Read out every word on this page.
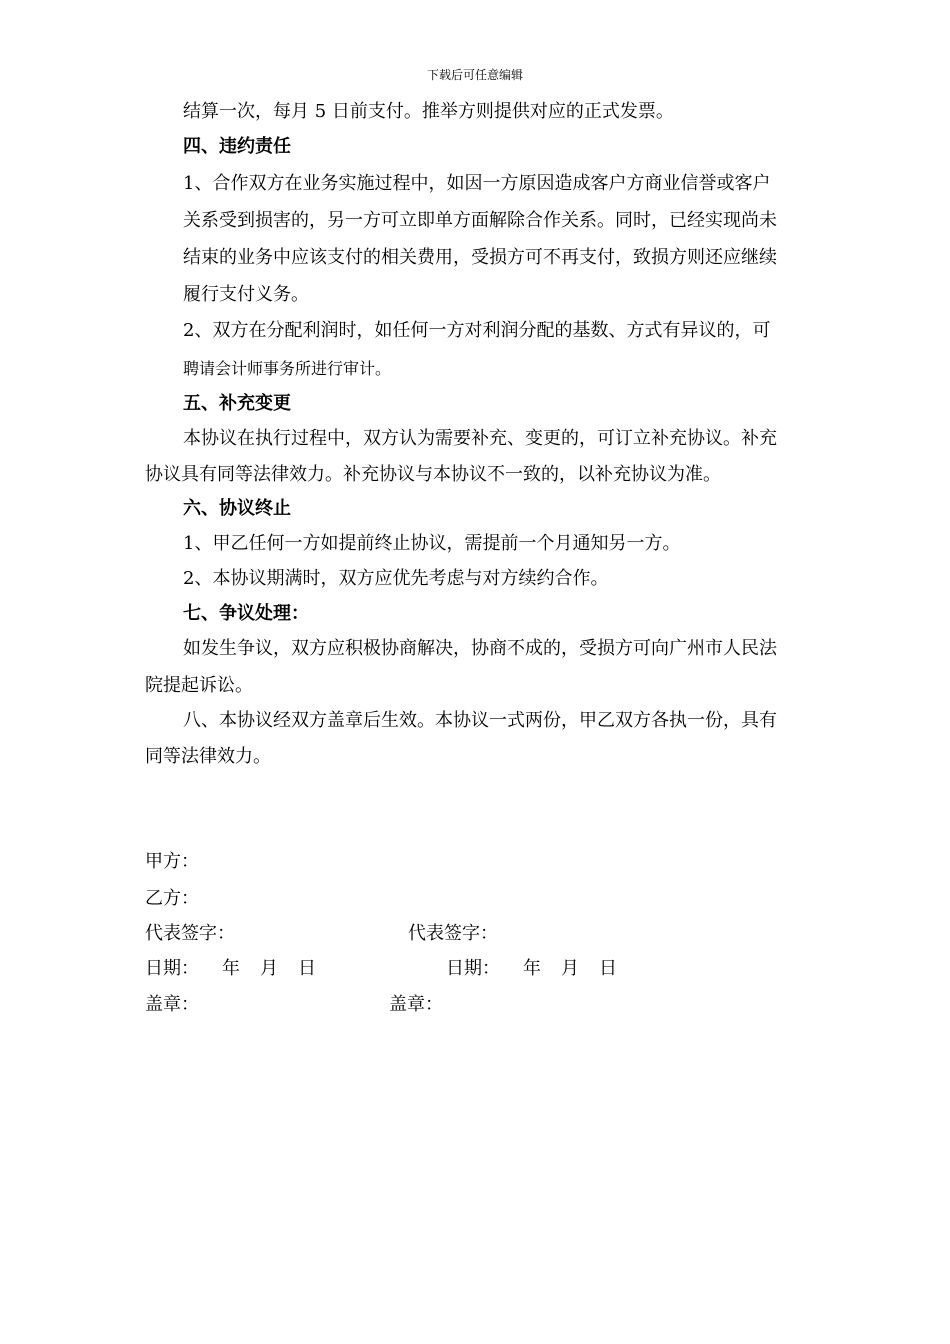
下载后可任意编辑
结算一次，每月 5 日前支付。推举方则提供对应的正式发票。
四、违约责任
1、合作双方在业务实施过程中，如因一方原因造成客户方商业信誉或客户
关系受到损害的，另一方可立即单方面解除合作关系。同时，已经实现尚未
结束的业务中应该支付的相关费用，受损方可不再支付，致损方则还应继续
履行支付义务。
2、双方在分配利润时，如任何一方对利润分配的基数、方式有异议的，可
聘请会计师事务所进行审计。
五、补充变更
本协议在执行过程中，双方认为需要补充、变更的，可订立补充协议。补充
协议具有同等法律效力。补充协议与本协议不一致的，以补充协议为准。
六、协议终止
1、甲乙任何一方如提前终止协议，需提前一个月通知另一方。
2、本协议期满时，双方应优先考虑与对方续约合作。
七、争议处理：
如发生争议，双方应积极协商解决，协商不成的，受损方可向广州市人民法
院提起诉讼。
八、本协议经双方盖章后生效。本协议一式两份，甲乙双方各执一份，具有
同等法律效力。
甲方：
乙方：
代表签字：	代表签字：
日期： 年 月 日	日期： 年 月 日
盖章：	盖章：
